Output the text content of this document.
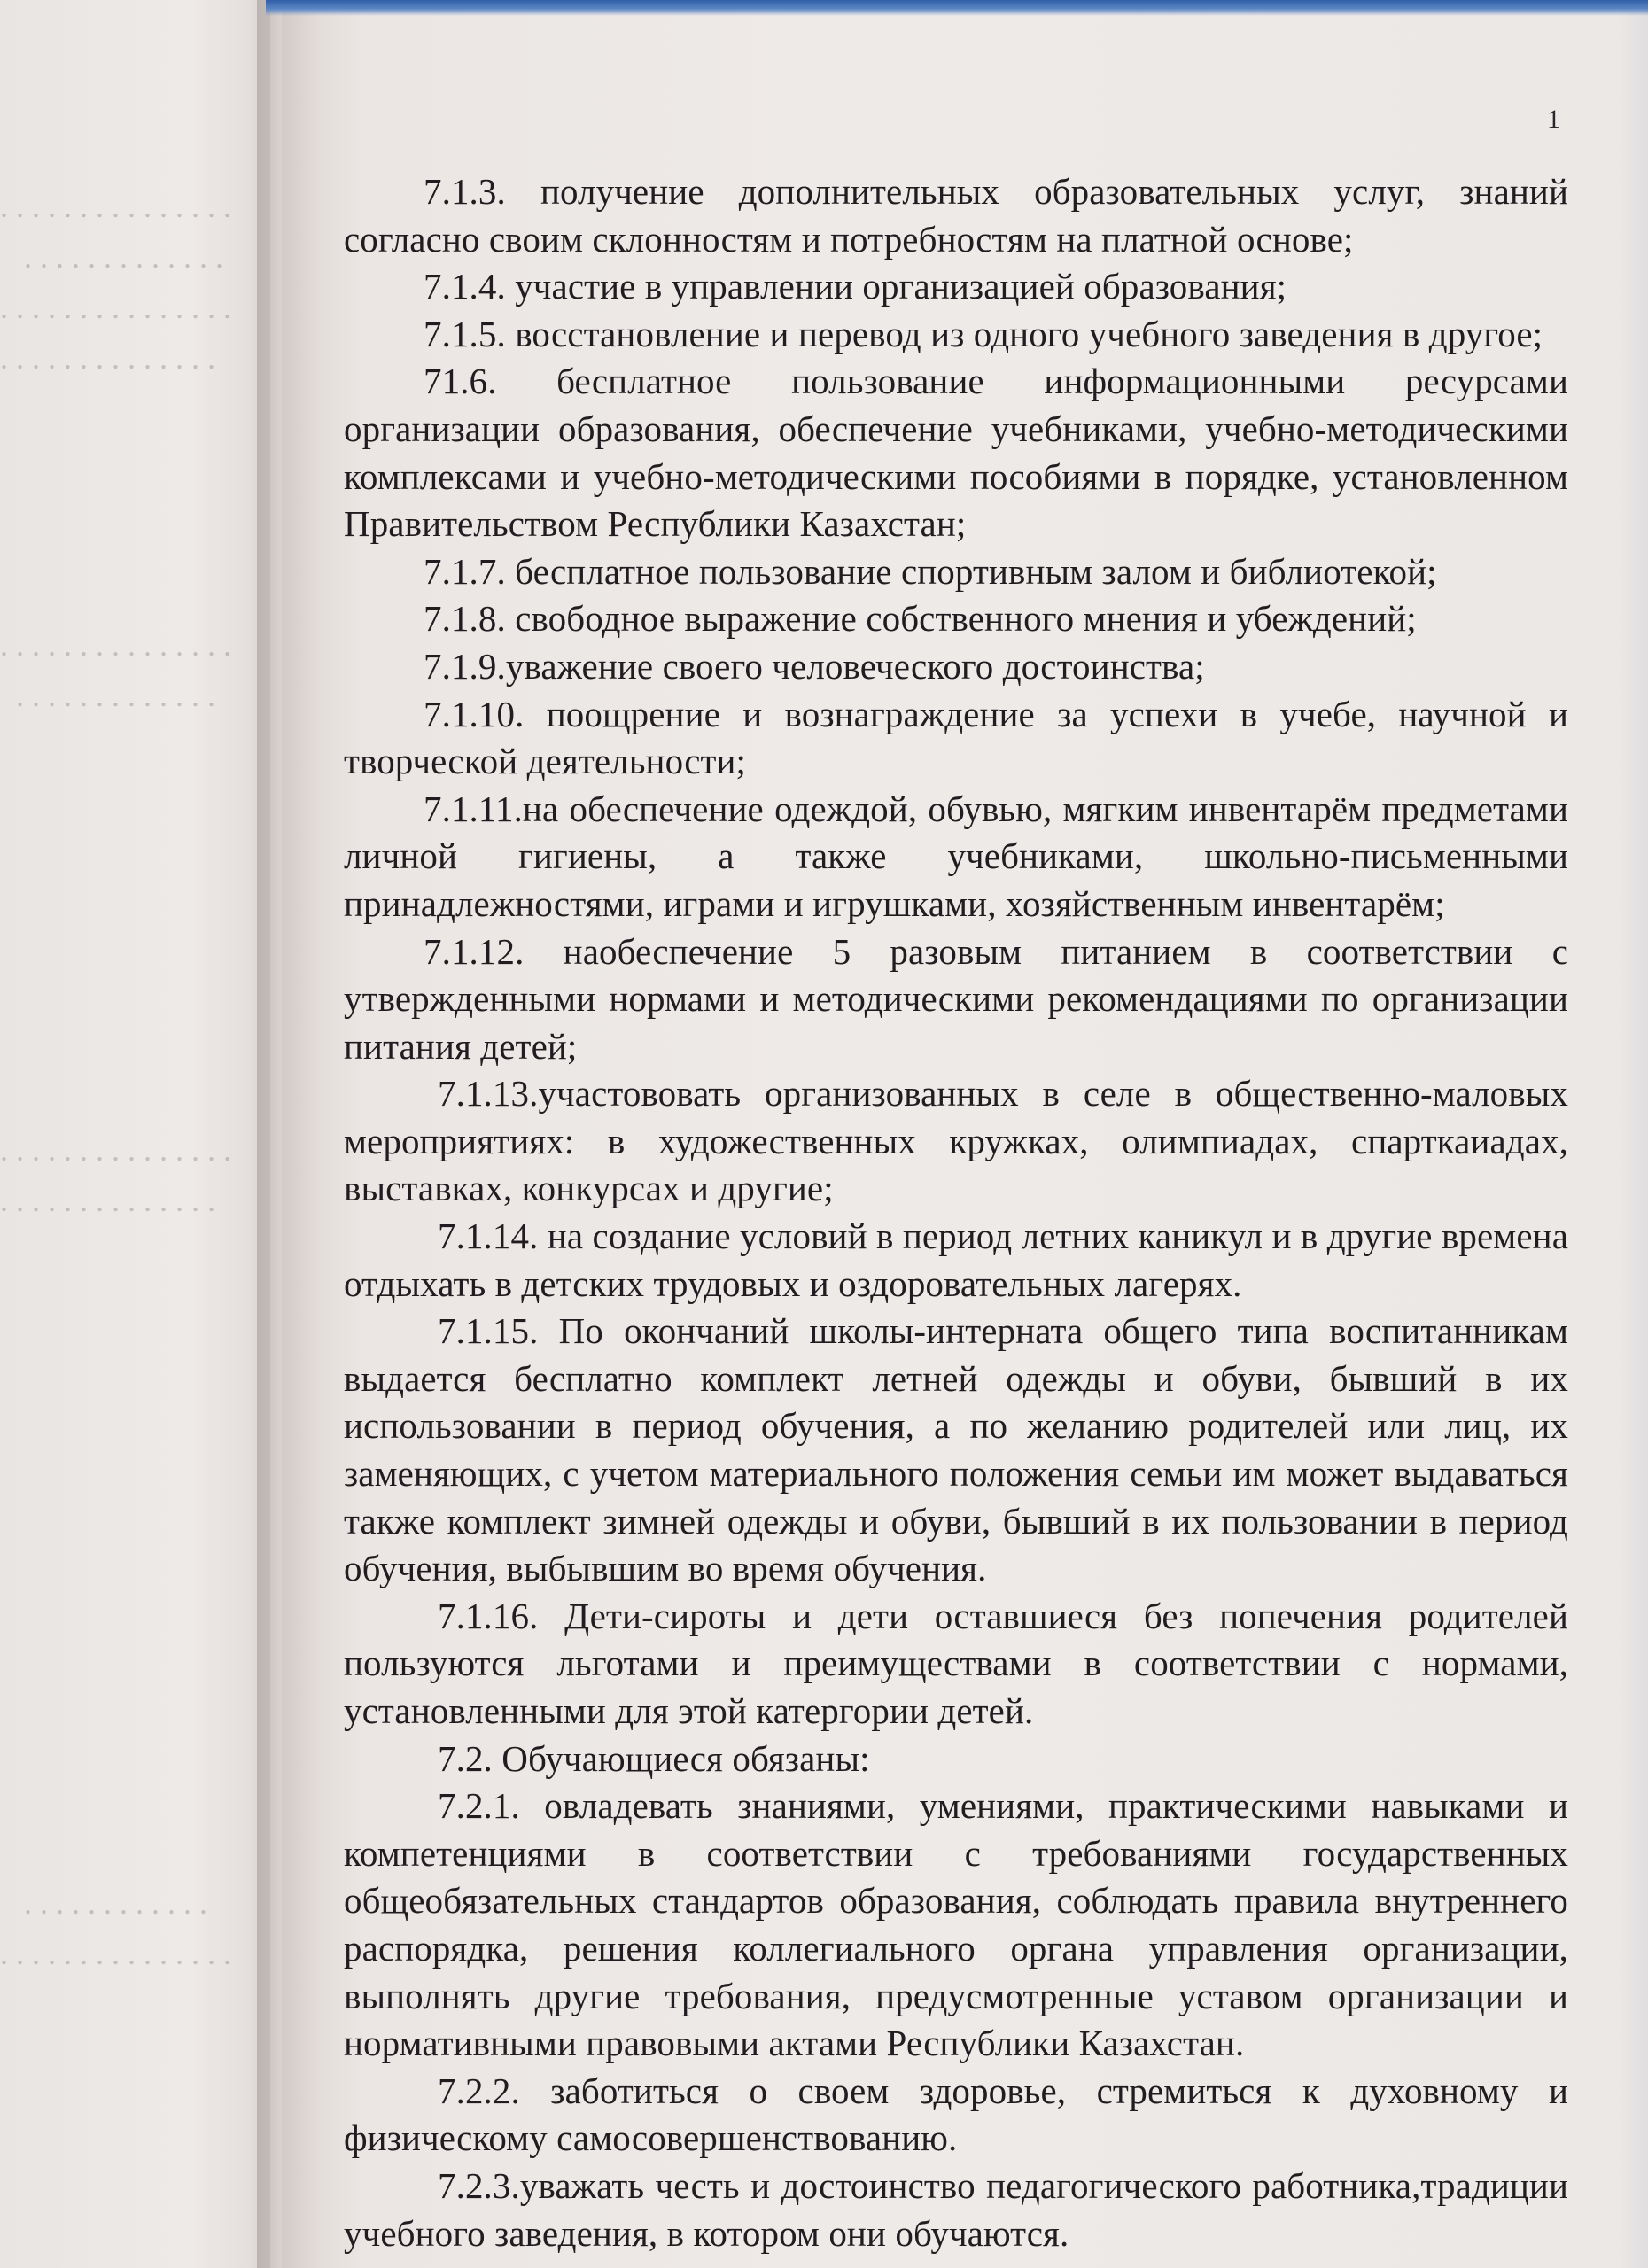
. . . . . . . . . . . . . . .
. . . . . . . . . . . . .
. . . . . . . . . . . . . . .
. . . . . . . . . . . . . .
. . . . . . . . . . . . . . .
. . . . . . . . . . . . .
. . . . . . . . . . . . . . .
. . . . . . . . . . . . . .
. . . . . . . . . . . .
. . . . . . . . . . . . . . .
1

7.1.3. получение дополнительных образовательных услуг, знаний согласно своим склонностям и потребностям на платной основе;

7.1.4. участие в управлении организацией образования;

7.1.5. восстановление и перевод из одного учебного заведения в другое;

71.6. бесплатное пользование информационными ресурсами организации образования, обеспечение учебниками, учебно-методическими комплексами и учебно-методическими пособиями в порядке, установленном Правительством Республики Казахстан;

7.1.7. бесплатное пользование спортивным залом и библиотекой;

7.1.8. свободное выражение собственного мнения и убеждений;

7.1.9.уважение своего человеческого достоинства;

7.1.10. поощрение и вознаграждение за успехи в учебе, научной и творческой деятельности;

7.1.11.на обеспечение одеждой, обувью, мягким инвентарём предметами личной гигиены, а также учебниками, школьно-письменными принадлежностями, играми и игрушками, хозяйственным инвентарём;

7.1.12. наобеспечение 5 разовым питанием в соответствии с утвержденными нормами и методическими рекомендациями по организации питания детей;

7.1.13.участововать организованных в селе в общественно-маловых мероприятиях: в художественных кружках, олимпиадах, спарткаиадах, выставках, конкурсах и другие;

7.1.14. на создание условий в период летних каникул и в другие времена отдыхать в детских трудовых и оздоровательных лагерях.

7.1.15. По окончаний школы-интерната общего типа воспитанникам выдается бесплатно комплект летней одежды и обуви, бывший в их использовании в период обучения, а по желанию родителей или лиц, их заменяющих, с учетом материального положения семьи им может выдаваться также комплект зимней одежды и обуви, бывший в их пользовании в период обучения, выбывшим во время обучения.

7.1.16. Дети-сироты и дети оставшиеся без попечения родителей пользуются льготами и преимуществами в соответствии с нормами, установленными для этой катергории детей.

7.2. Обучающиеся обязаны:

7.2.1. овладевать знаниями, умениями, практическими навыками и компетенциями в соответствии с требованиями государственных общеобязательных стандартов образования, соблюдать правила внутреннего распорядка, решения коллегиального органа управления организации, выполнять другие требования, предусмотренные уставом организации и нормативными правовыми актами Республики Казахстан.

7.2.2. заботиться о своем здоровье, стремиться к духовному и физическому самосовершенствованию.

7.2.3.уважать честь и достоинство педагогического работника,традиции учебного заведения, в котором они обучаются.
